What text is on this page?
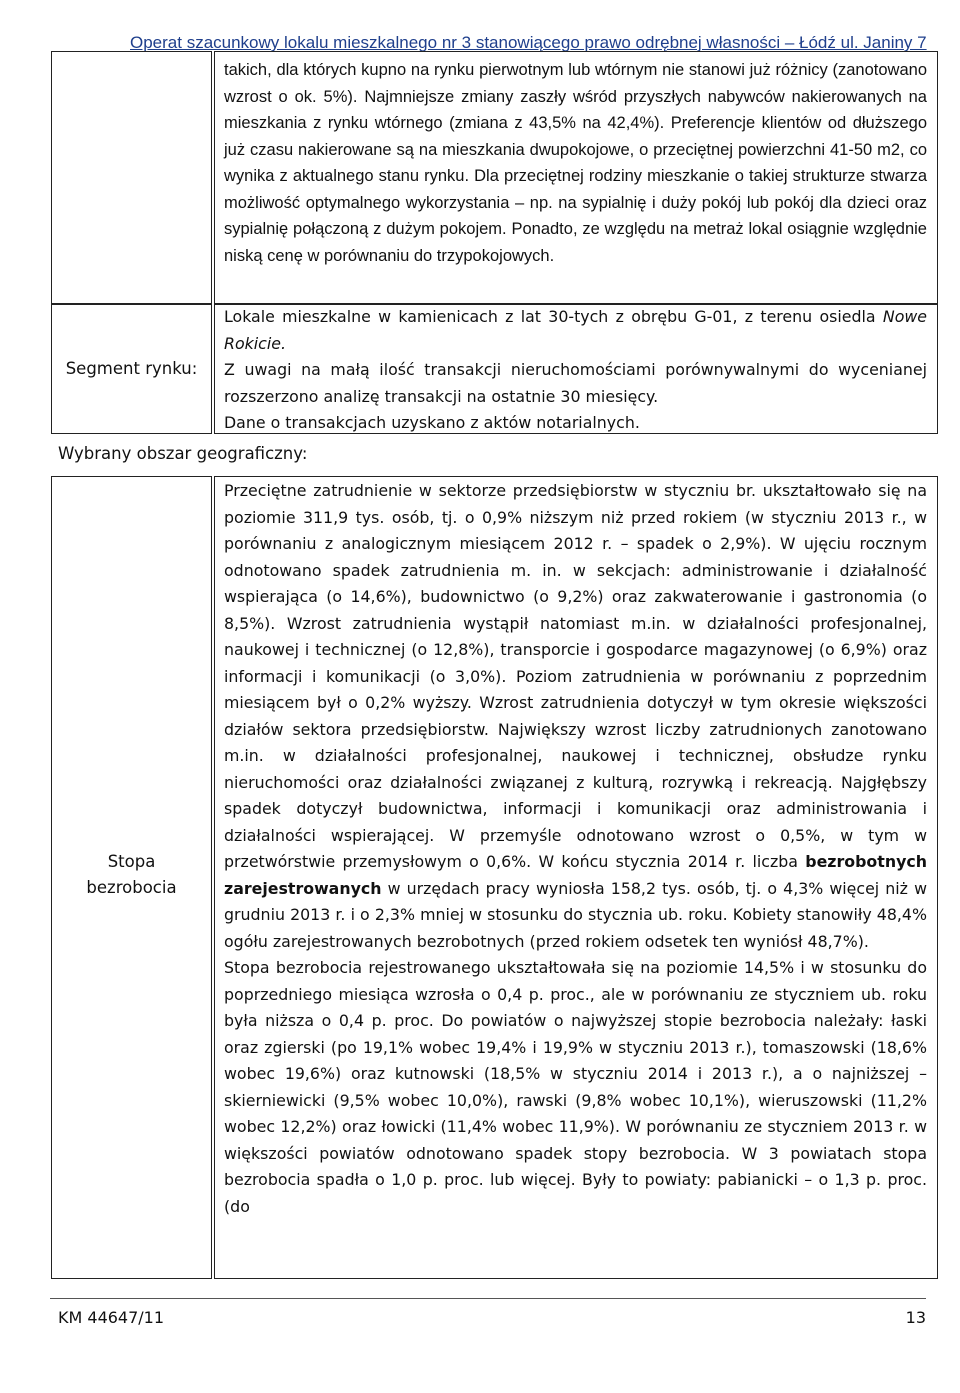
Operat szacunkowy lokalu mieszkalnego nr 3 stanowiącego prawo odrębnej własności – Łódź ul. Janiny 7
Segment rynku:
Wybrany obszar geograficzny:
Stopa
bezrobocia

takich, dla których kupno na rynku pierwotnym lub wtórnym nie stanowi już różnicy (zanotowano wzrost o ok. 5%). Najmniejsze zmiany zaszły wśród przyszłych nabywców nakierowanych na mieszkania z rynku wtórnego (zmiana z 43,5% na 42,4%). Preferencje klientów od dłuższego już czasu nakierowane są na mieszkania dwupokojowe, o przeciętnej powierzchni 41-50 m2, co wynika z aktualnego stanu rynku. Dla przeciętnej rodziny mieszkanie o takiej strukturze stwarza możliwość optymalnego wykorzystania – np. na sypialnię i duży pokój lub pokój dla dzieci oraz sypialnię połączoną z dużym pokojem. Ponadto, ze względu na metraż lokal osiągnie względnie niską cenę w porównaniu do trzypokojowych.

Lokale mieszkalne w kamienicach z lat 30-tych z obrębu G-01, z terenu osiedla Nowe Rokicie.

Z uwagi na małą ilość transakcji nieruchomościami porównywalnymi do wycenianej rozszerzono analizę transakcji na ostatnie 30 miesięcy.

Dane o transakcjach uzyskano z aktów notarialnych.

Przeciętne zatrudnienie w sektorze przedsiębiorstw w styczniu br. ukształtowało się na poziomie 311,9 tys. osób, tj. o 0,9% niższym niż przed rokiem (w styczniu 2013 r., w porównaniu z analogicznym miesiącem 2012 r. – spadek o 2,9%). W ujęciu rocznym odnotowano spadek zatrudnienia m. in. w sekcjach: administrowanie i działalność wspierająca (o 14,6%), budownictwo (o 9,2%) oraz zakwaterowanie i gastronomia (o 8,5%). Wzrost zatrudnienia wystąpił natomiast m.in. w działalności profesjonalnej, naukowej i technicznej (o 12,8%), transporcie i gospodarce magazynowej (o 6,9%) oraz informacji i komunikacji (o 3,0%). Poziom zatrudnienia w porównaniu z poprzednim miesiącem był o 0,2% wyższy. Wzrost zatrudnienia dotyczył w tym okresie większości działów sektora przedsiębiorstw. Największy wzrost liczby zatrudnionych zanotowano m.in. w działalności profesjonalnej, naukowej i technicznej, obsłudze rynku nieruchomości oraz działalności związanej z kulturą, rozrywką i rekreacją. Najgłębszy spadek dotyczył budownictwa, informacji i komunikacji oraz administrowania i działalności wspierającej. W przemyśle odnotowano wzrost o 0,5%, w tym w przetwórstwie przemysłowym o 0,6%. W końcu stycznia 2014 r. liczba bezrobotnych zarejestrowanych w urzędach pracy wyniosła 158,2 tys. osób, tj. o 4,3% więcej niż w grudniu 2013 r. i o 2,3% mniej w stosunku do stycznia ub. roku. Kobiety stanowiły 48,4% ogółu zarejestrowanych bezrobotnych (przed rokiem odsetek ten wyniósł 48,7%).

Stopa bezrobocia rejestrowanego ukształtowała się na poziomie 14,5% i w stosunku do poprzedniego miesiąca wzrosła o 0,4 p. proc., ale w porównaniu ze styczniem ub. roku była niższa o 0,4 p. proc. Do powiatów o najwyższej stopie bezrobocia należały: łaski oraz zgierski (po 19,1% wobec 19,4% i 19,9% w styczniu 2013 r.), tomaszowski (18,6% wobec 19,6%) oraz kutnowski (18,5% w styczniu 2014 i 2013 r.), a o najniższej – skierniewicki (9,5% wobec 10,0%), rawski (9,8% wobec 10,1%), wieruszowski (11,2% wobec 12,2%) oraz łowicki (11,4% wobec 11,9%). W porównaniu ze styczniem 2013 r. w większości powiatów odnotowano spadek stopy bezrobocia. W 3 powiatach stopa bezrobocia spadła o 1,0 p. proc. lub więcej. Były to powiaty: pabianicki – o 1,3 p. proc. (do

KM 44647/11	13
